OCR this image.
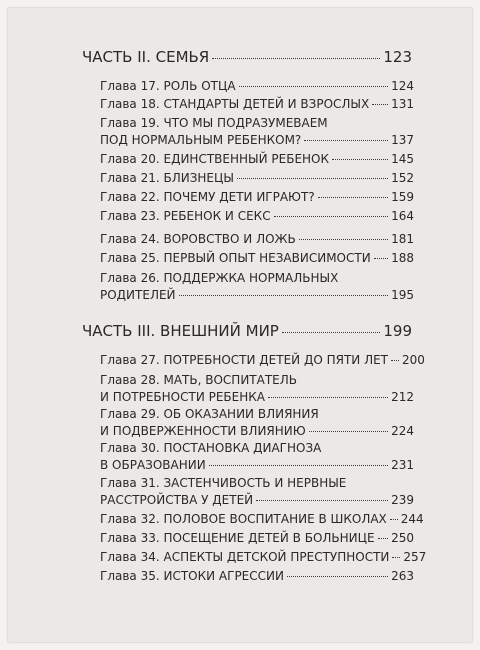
ЧАСТЬ II. СЕМЬЯ	123
Глава 17. РОЛЬ ОТЦА	124
Глава 18. СТАНДАРТЫ ДЕТЕЙ И ВЗРОСЛЫХ 131
Глава 19. ЧТО МЫ ПОДРАЗУМЕВАЕМ
ПОД НОРМАЛЬНЫМ РЕБЕНКОМ?	137
Глава 20. ЕДИНСТВЕННЫЙ РЕБЕНОК	145
Глава 21. БЛИЗНЕЦЫ	152
Глава 22. ПОЧЕМУ ДЕТИ ИГРАЮТ?	159
Глава 23. РЕБЕНОК И СЕКС	164
Глава 24. ВОРОВСТВО И ЛОЖЬ	181
Глава 25. ПЕРВЫЙ ОПЫТ НЕЗАВИСИМОСТИ 188
Глава 26. ПОДДЕРЖКА НОРМАЛЬНЫХ
РОДИТЕЛЕЙ	195
ЧАСТЬ III. ВНЕШНИЙ МИР	199
Глава 27. ПОТРЕБНОСТИ ДЕТЕЙ ДО ПЯТИ ЛЕТ 200
Глава 28. МАТЬ, ВОСПИТАТЕЛЬ
И ПОТРЕБНОСТИ РЕБЕНКА	212
Глава 29. ОБ ОКАЗАНИИ ВЛИЯНИЯ
И ПОДВЕРЖЕННОСТИ ВЛИЯНИЮ	224
Глава 30. ПОСТАНОВКА ДИАГНОЗА
В ОБРАЗОВАНИИ	231
Глава 31. ЗАСТЕНЧИВОСТЬ И НЕРВНЫЕ
РАССТРОЙСТВА У ДЕТЕЙ	239
Глава 32. ПОЛОВОЕ ВОСПИТАНИЕ В ШКОЛАХ 244
Глава 33. ПОСЕЩЕНИЕ ДЕТЕЙ В БОЛЬНИЦЕ 250
Глава 34. АСПЕКТЫ ДЕТСКОЙ ПРЕСТУПНОСТИ 257
Глава 35. ИСТОКИ АГРЕССИИ	263
